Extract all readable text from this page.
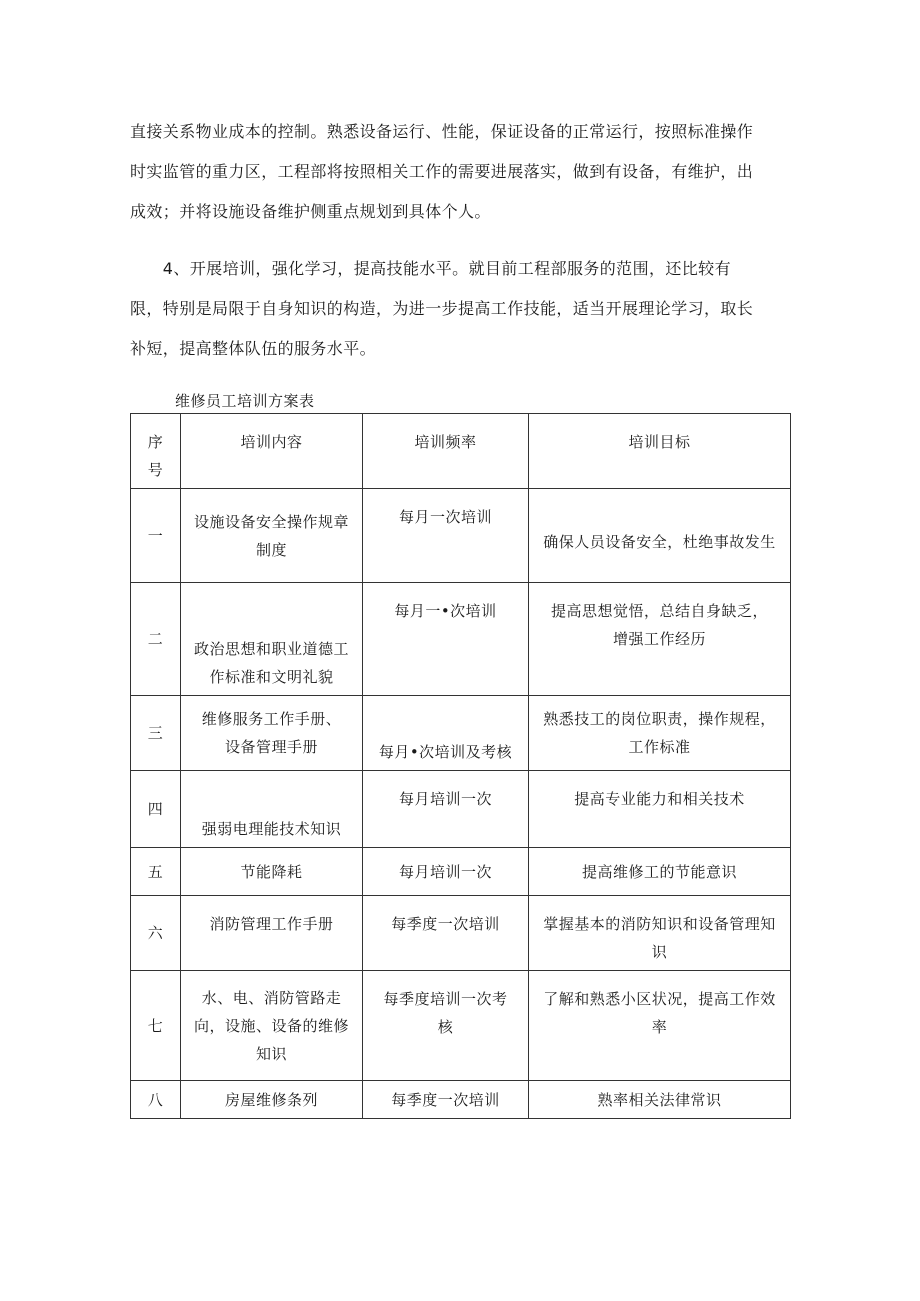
直接关系物业成本的控制。熟悉设备运行、性能，保证设备的正常运行，按照标准操作
时实监管的重力区，工程部将按照相关工作的需要进展落实，做到有设备，有维护，出
成效；并将设施设备维护侧重点规划到具体个人。

　　4、开展培训，强化学习，提高技能水平。就目前工程部服务的范围，还比较有
限，特别是局限于自身知识的构造，为进一步提高工作技能，适当开展理论学习，取长
补短，提高整体队伍的服务水平。

维修员工培训方案表
序
号	培训内容	培训频率	培训目标

一	设施设备安全操作规章
制度	每月一次培训	确保人员设备安全，杜绝事故发生

二	政治思想和职业道德工
作标准和文明礼貌	每月一•次培训	提高思想觉悟，总结自身缺乏，
增强工作经历

三	维修服务工作手册、
设备管理手册	每月•次培训及考核	熟悉技工的岗位职责，操作规程，
工作标准

四	强弱电理能技术知识	每月培训一次	提高专业能力和相关技术

五	节能降耗	每月培训一次	提高维修工的节能意识

六	消防管理工作手册	每季度一次培训	掌握基本的消防知识和设备管理知
识

七	水、电、消防管路走
向，设施、设备的维修
知识	每季度培训一次考
核	了解和熟悉小区状况，提高工作效
率

八	房屋维修条列	每季度一次培训	熟率相关法律常识
